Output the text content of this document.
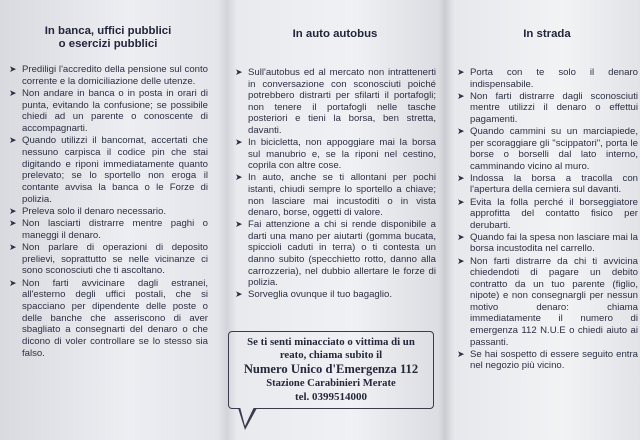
In banca, uffici pubblici
o esercizi pubblici
➤ Prediligi l'accredito della pensione sul conto corrente e la domiciliazione delle utenze.
➤ Non andare in banca o in posta in orari di punta, evitando la confusione; se possibile chiedi ad un parente o conoscente di accompagnarti.
➤ Quando utilizzi il bancomat, accertati che nessuno carpisca il codice pin che stai digitando e riponi immediatamente quanto prelevato; se lo sportello non eroga il contante avvisa la banca o le Forze di polizia.
➤ Preleva solo il denaro necessario.
➤ Non lasciarti distrarre mentre paghi o maneggi il denaro.
➤ Non parlare di operazioni di deposito prelievi, soprattutto se nelle vicinanze ci sono sconosciuti che ti ascoltano.
➤ Non farti avvicinare dagli estranei, all'esterno degli uffici postali, che si spacciano per dipendente delle poste o delle banche che asseriscono di aver sbagliato a consegnarti del denaro o che dicono di voler controllare se lo stesso sia falso.
In auto autobus
➤ Sull'autobus ed al mercato non intrattenerti in conversazione con sconosciuti poiché potrebbero distrarti per sfilarti il portafogli; non tenere il portafogli nelle tasche posteriori e tieni la borsa, ben stretta, davanti.
➤ In bicicletta, non appoggiare mai la borsa sul manubrio e, se la riponi nel cestino, coprila con altre cose.
➤ In auto, anche se ti allontani per pochi istanti, chiudi sempre lo sportello a chiave; non lasciare mai incustoditi o in vista denaro, borse, oggetti di valore.
➤ Fai attenzione a chi si rende disponibile a darti una mano per aiutarti (gomma bucata, spiccioli caduti in terra) o ti contesta un danno subito (specchietto rotto, danno alla carrozzeria), nel dubbio allertare le forze di polizia.
➤ Sorveglia ovunque il tuo bagaglio.
In strada
➤ Porta con te solo il denaro indispensabile.
➤ Non farti distrarre dagli sconosciuti mentre utilizzi il denaro o effettui pagamenti.
➤ Quando cammini su un marciapiede, per scoraggiare gli "scippatori", porta le borse o borselli dal lato interno, camminando vicino al muro.
➤ Indossa la borsa a tracolla con l'apertura della cerniera sul davanti.
➤ Evita la folla perché il borseggiatore approfitta del contatto fisico per derubarti.
➤ Quando fai la spesa non lasciare mai la borsa incustodita nel carrello.
➤ Non farti distrarre da chi ti avvicina chiedendoti di pagare un debito contratto da un tuo parente (figlio, nipote) e non consegnargli per nessun motivo denaro: chiama immediatamente il numero di emergenza 112 N.U.E o chiedi aiuto ai passanti.
➤ Se hai sospetto di essere seguito entra nel negozio più vicino.
Se ti senti minacciato o vittima di un
reato, chiama subito il
Numero Unico d'Emergenza 112
Stazione Carabinieri Merate
tel. 0399514000
